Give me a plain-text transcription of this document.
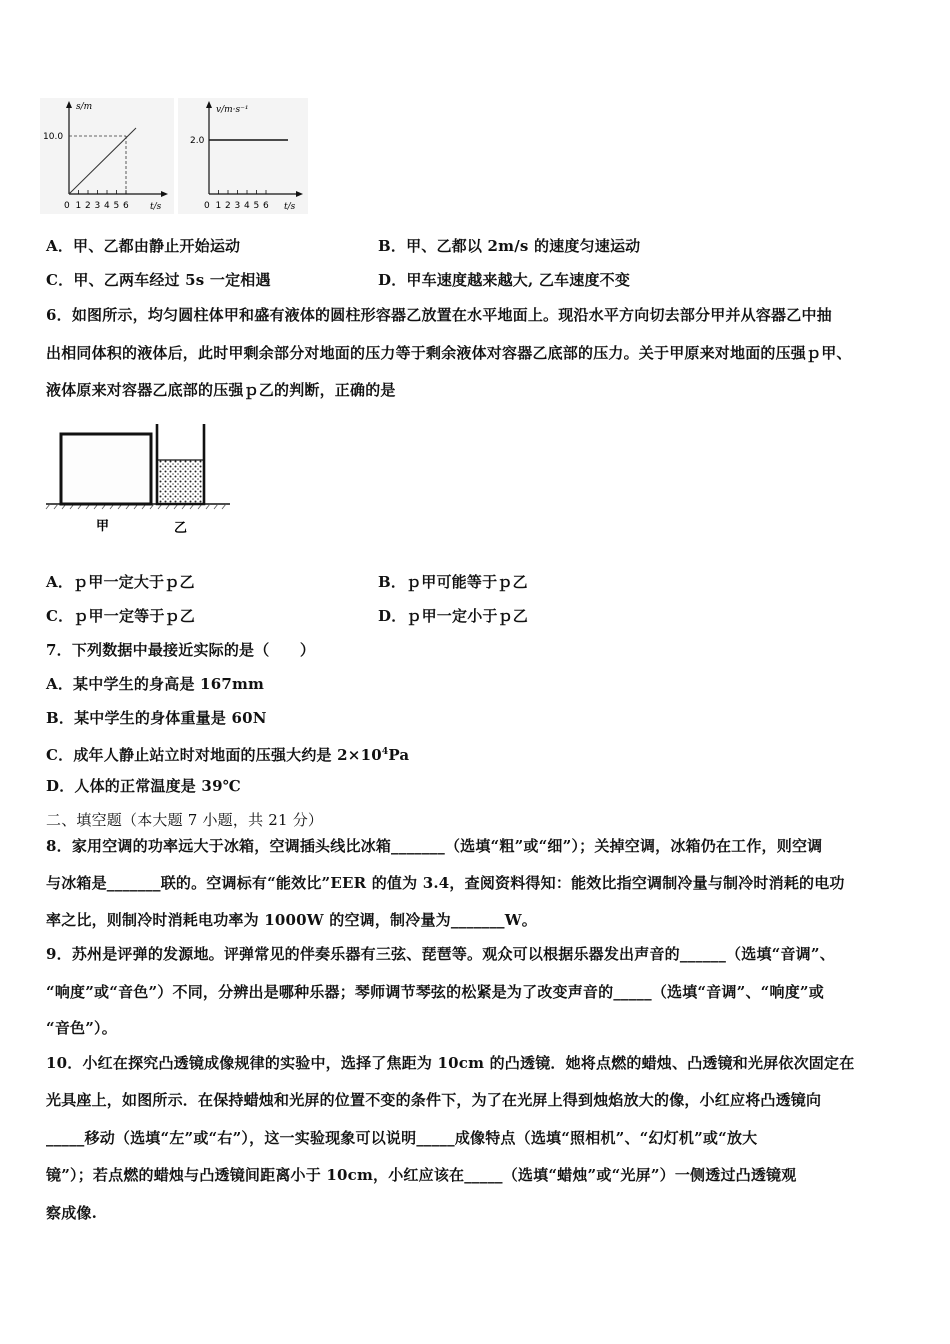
s/m
10.0
0 1 2 3 4 5 6 t/s
v/m·s⁻¹
2.0
0 1 2 3 4 5 6 t/s
A．甲、乙都由静止开始运动	B．甲、乙都以 2m/s 的速度匀速运动
C．甲、乙两车经过 5s 一定相遇	D．甲车速度越来越大, 乙车速度不变
6．如图所示，均匀圆柱体甲和盛有液体的圆柱形容器乙放置在水平地面上。现沿水平方向切去部分甲并从容器乙中抽
出相同体积的液体后，此时甲剩余部分对地面的压力等于剩余液体对容器乙底部的压力。关于甲原来对地面的压强ｐ甲、
液体原来对容器乙底部的压强ｐ乙的判断，正确的是
甲	乙
A．ｐ甲一定大于ｐ乙	B．ｐ甲可能等于ｐ乙
C．ｐ甲一定等于ｐ乙	D．ｐ甲一定小于ｐ乙
7．下列数据中最接近实际的是（　　）
A．某中学生的身高是 167mm
B．某中学生的身体重量是 60N
C．成年人静止站立时对地面的压强大约是 $2\times 10^4Pa$
D．人体的正常温度是 39℃
二、填空题（本大题 7 小题，共 21 分）
8．家用空调的功率远大于冰箱，空调插头线比冰箱_______（选填“粗”或“细”）；关掉空调，冰箱仍在工作，则空调
与冰箱是_______联的。空调标有“能效比”EER 的值为 3.4，查阅资料得知：能效比指空调制冷量与制冷时消耗的电功
率之比，则制冷时消耗电功率为 1000W 的空调，制冷量为_______W。
9．苏州是评弹的发源地。评弹常见的伴奏乐器有三弦、琵琶等。观众可以根据乐器发出声音的______（选填“音调”、
“响度”或“音色”）不同，分辨出是哪种乐器；琴师调节琴弦的松紧是为了改变声音的_____（选填“音调”、“响度”或
“音色”）。
10．小红在探究凸透镜成像规律的实验中，选择了焦距为 10cm 的凸透镜．她将点燃的蜡烛、凸透镜和光屏依次固定在
光具座上，如图所示．在保持蜡烛和光屏的位置不变的条件下，为了在光屏上得到烛焰放大的像，小红应将凸透镜向
_____移动（选填“左”或“右”），这一实验现象可以说明_____成像特点（选填“照相机”、“幻灯机”或“放大
镜”）；若点燃的蜡烛与凸透镜间距离小于 10cm，小红应该在_____（选填“蜡烛”或“光屏”）一侧透过凸透镜观
察成像.
